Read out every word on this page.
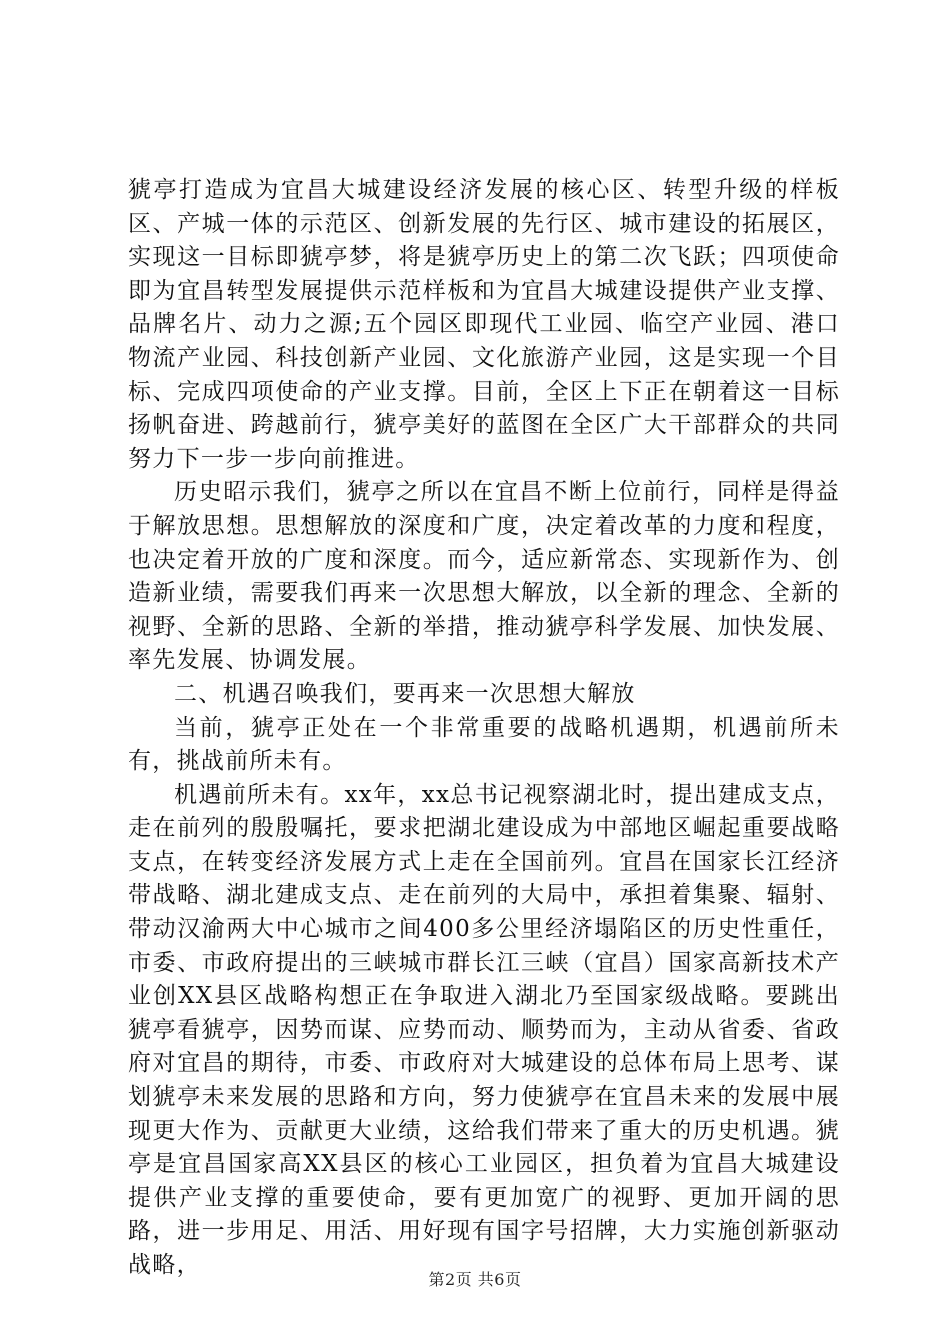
猇亭打造成为宜昌大城建设经济发展的核心区、转型升级的样板区、产城一体的示范区、创新发展的先行区、城市建设的拓展区，实现这一目标即猇亭梦，将是猇亭历史上的第二次飞跃；四项使命即为宜昌转型发展提供示范样板和为宜昌大城建设提供产业支撑、品牌名片、动力之源;五个园区即现代工业园、临空产业园、港口物流产业园、科技创新产业园、文化旅游产业园，这是实现一个目标、完成四项使命的产业支撑。目前，全区上下正在朝着这一目标扬帆奋进、跨越前行，猇亭美好的蓝图在全区广大干部群众的共同努力下一步一步向前推进。

历史昭示我们，猇亭之所以在宜昌不断上位前行，同样是得益于解放思想。思想解放的深度和广度，决定着改革的力度和程度，也决定着开放的广度和深度。而今，适应新常态、实现新作为、创造新业绩，需要我们再来一次思想大解放，以全新的理念、全新的视野、全新的思路、全新的举措，推动猇亭科学发展、加快发展、率先发展、协调发展。

二、机遇召唤我们，要再来一次思想大解放

当前，猇亭正处在一个非常重要的战略机遇期，机遇前所未有，挑战前所未有。

机遇前所未有。xx年，xx总书记视察湖北时，提出建成支点，走在前列的殷殷嘱托，要求把湖北建设成为中部地区崛起重要战略支点，在转变经济发展方式上走在全国前列。宜昌在国家长江经济带战略、湖北建成支点、走在前列的大局中，承担着集聚、辐射、带动汉渝两大中心城市之间400多公里经济塌陷区的历史性重任，市委、市政府提出的三峡城市群长江三峡（宜昌）国家高新技术产业创XX县区战略构想正在争取进入湖北乃至国家级战略。要跳出猇亭看猇亭，因势而谋、应势而动、顺势而为，主动从省委、省政府对宜昌的期待，市委、市政府对大城建设的总体布局上思考、谋划猇亭未来发展的思路和方向，努力使猇亭在宜昌未来的发展中展现更大作为、贡献更大业绩，这给我们带来了重大的历史机遇。猇亭是宜昌国家高XX县区的核心工业园区，担负着为宜昌大城建设提供产业支撑的重要使命，要有更加宽广的视野、更加开阔的思路，进一步用足、用活、用好现有国字号招牌，大力实施创新驱动战略，

第2页 共6页
